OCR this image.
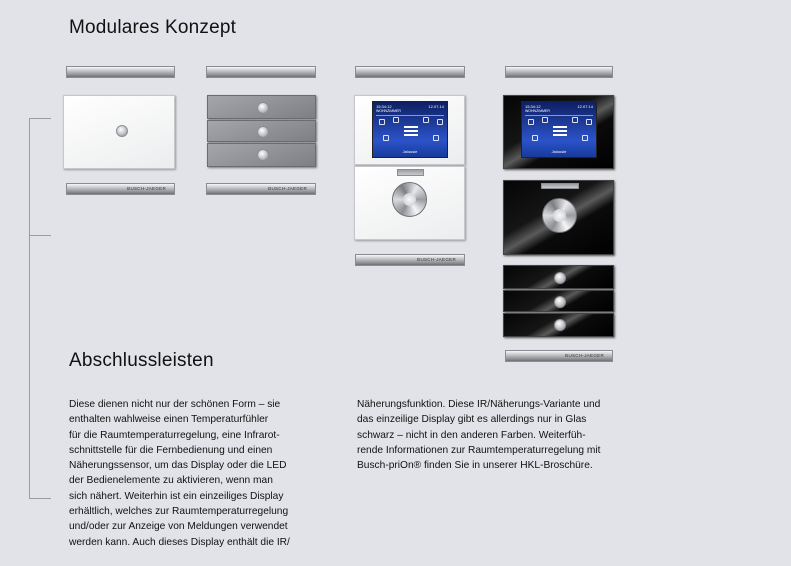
Modulares Konzept
Abschlussleisten
BUSCH-JAEGER	BUSCH-JAEGER
15:34:12	12.07.14
WOHNZIMMER
Jalousie
BUSCH-JAEGER
15:34:12	12.07.14
WOHNZIMMER
Jalousie
BUSCH-JAEGER
Diese dienen nicht nur der schönen Form – sie
enthalten wahlweise einen Temperaturfühler
für die Raumtemperaturregelung, eine Infrarot-
schnittstelle für die Fernbedienung und einen
Näherungssensor, um das Display oder die LED
der Bedienelemente zu aktivieren, wenn man
sich nähert. Weiterhin ist ein einzeiliges Display
erhältlich, welches zur Raumtemperaturregelung
und/oder zur Anzeige von Meldungen verwendet
werden kann. Auch dieses Display enthält die IR/
Näherungsfunktion. Diese IR/Näherungs-Variante und
das einzeilige Display gibt es allerdings nur in Glas
schwarz – nicht in den anderen Farben. Weiterfüh-
rende Informationen zur Raumtemperaturregelung mit
Busch-priOn® finden Sie in unserer HKL-Broschüre.
